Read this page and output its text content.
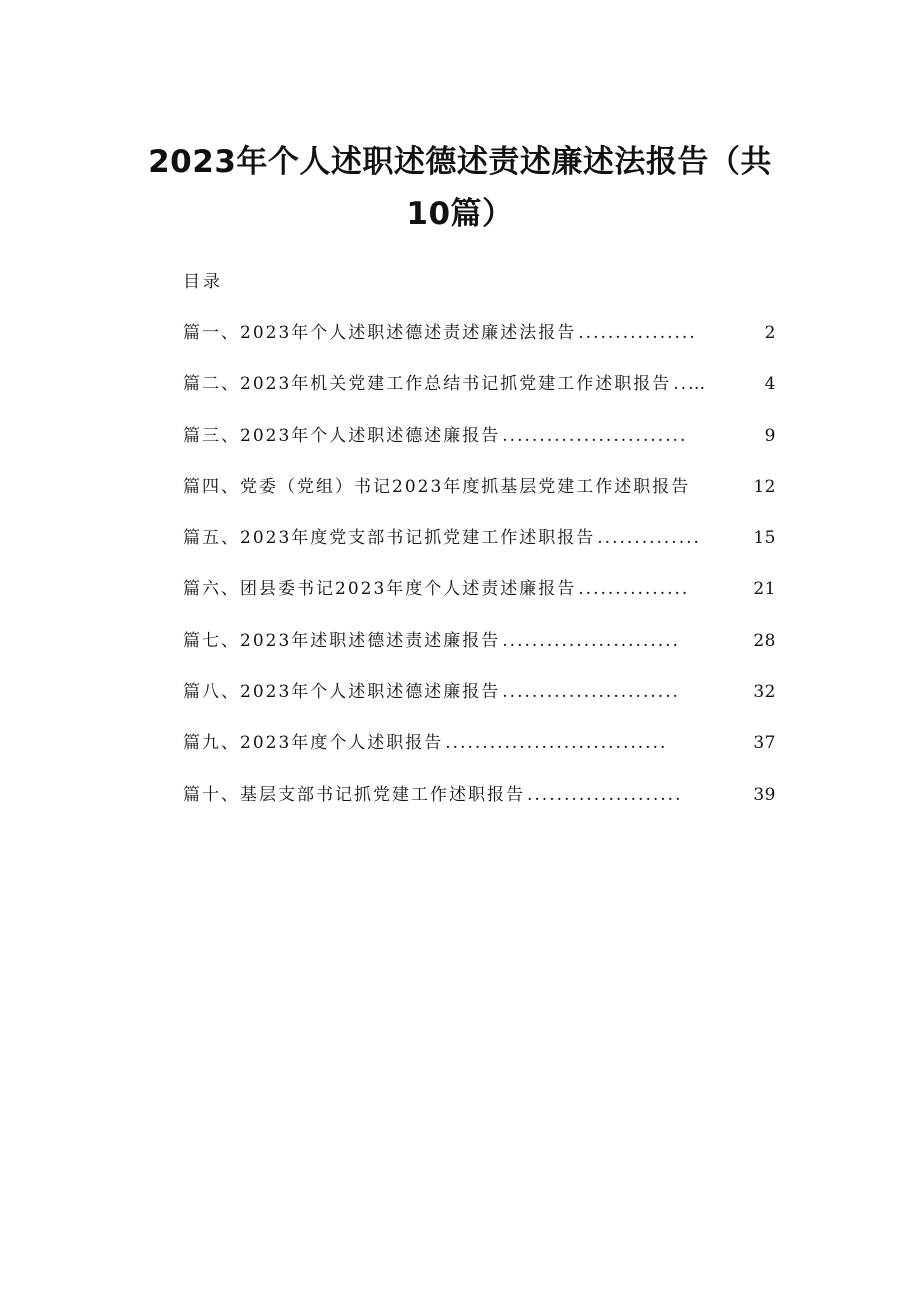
2023年个人述职述德述责述廉述法报告（共10篇）
目录
篇一、2023年个人述职述德述责述廉述法报告 ................	2
篇二、2023年机关党建工作总结书记抓党建工作述职报告 ..…	4
篇三、2023年个人述职述德述廉报告 .........................	9
篇四、党委（党组）书记2023年度抓基层党建工作述职报告	12
篇五、2023年度党支部书记抓党建工作述职报告 ..............	15
篇六、团县委书记2023年度个人述责述廉报告 ...............	21
篇七、2023年述职述德述责述廉报告 ........................	28
篇八、2023年个人述职述德述廉报告 ........................	32
篇九、2023年度个人述职报告 ..............................	37
篇十、基层支部书记抓党建工作述职报告 .....................	39
